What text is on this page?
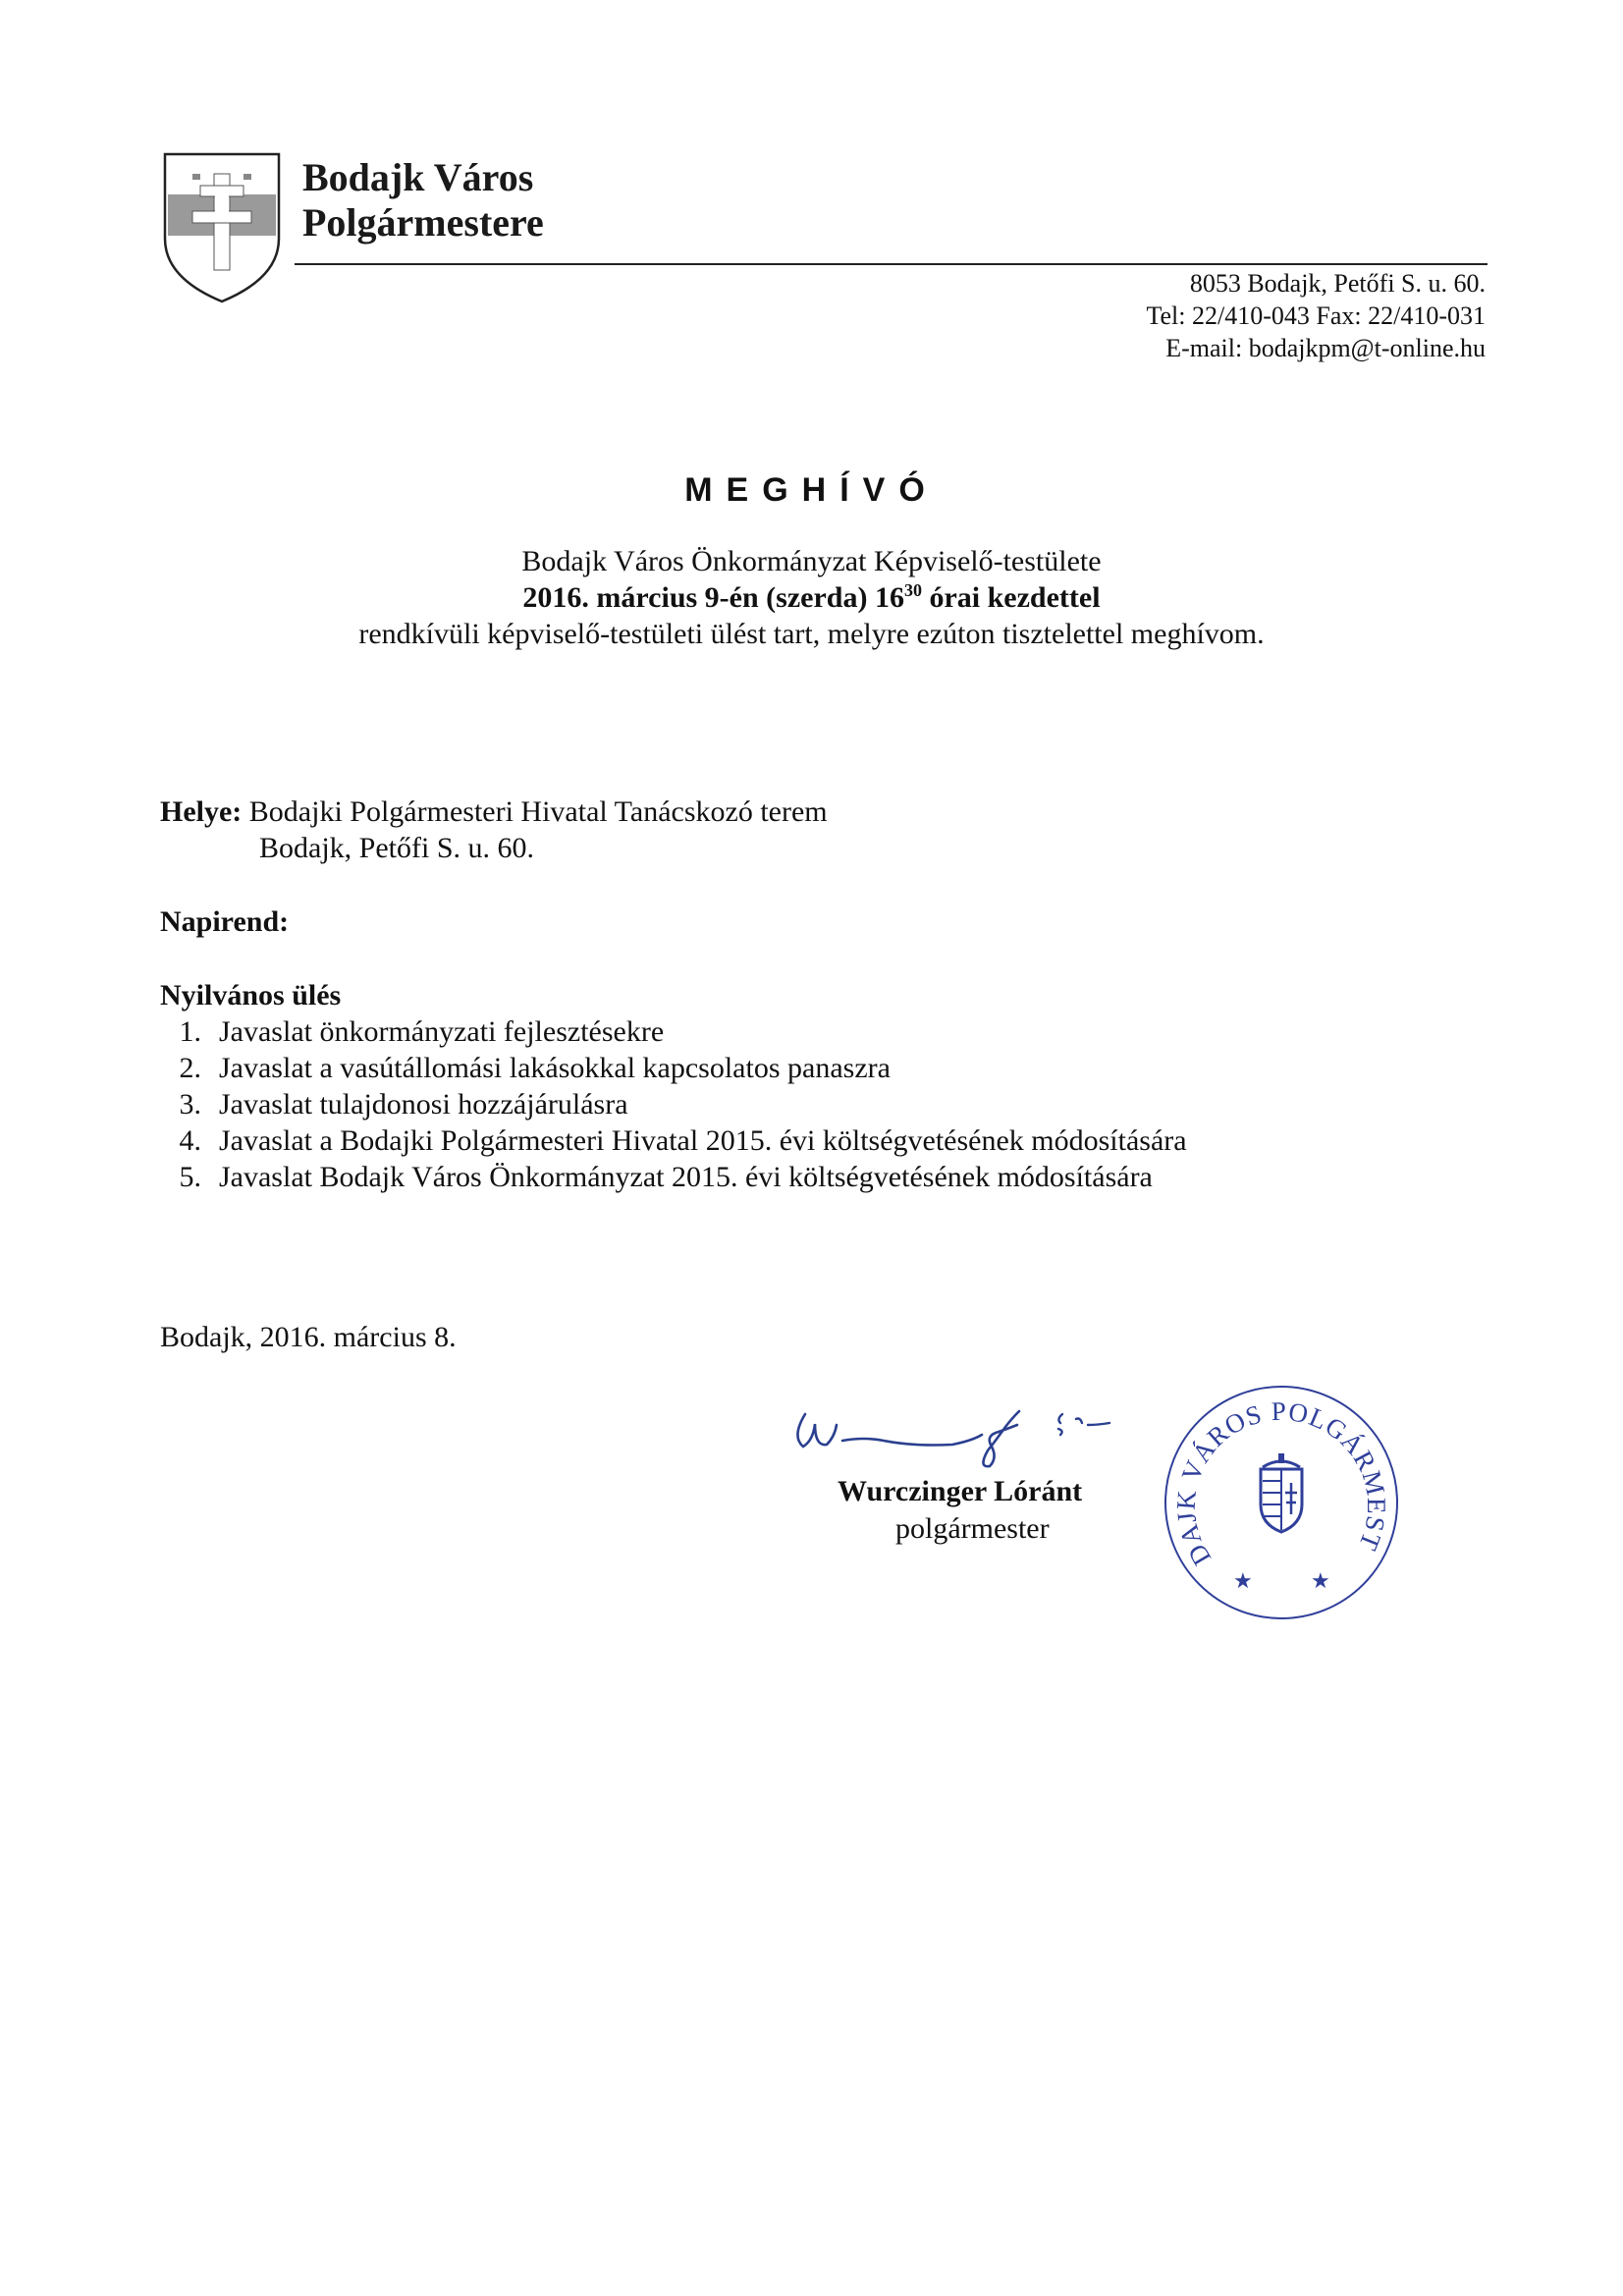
Bodajk Város
Polgármestere
8053 Bodajk, Petőfi S. u. 60.
Tel: 22/410-043 Fax: 22/410-031
E-mail: bodajkpm@t-online.hu
MEGHÍVÓ
Bodajk Város Önkormányzat Képviselő-testülete
2016. március 9-én (szerda) $16^{30}$ órai kezdettel
rendkívüli képviselő-testületi ülést tart, melyre ezúton tisztelettel meghívom.
Helye: Bodajki Polgármesteri Hivatal Tanácskozó terem
Bodajk, Petőfi S. u. 60.
Napirend:
Nyilvános ülés
1. Javaslat önkormányzati fejlesztésekre
2. Javaslat a vasútállomási lakásokkal kapcsolatos panaszra
3. Javaslat tulajdonosi hozzájárulásra
4. Javaslat a Bodajki Polgármesteri Hivatal 2015. évi költségvetésének módosítására
5. Javaslat Bodajk Város Önkormányzat 2015. évi költségvetésének módosítására
Bodajk, 2016. március 8.
Wurczinger Lóránt
polgármester
DAJK VÁROS POLGÁRMEST
★	★
